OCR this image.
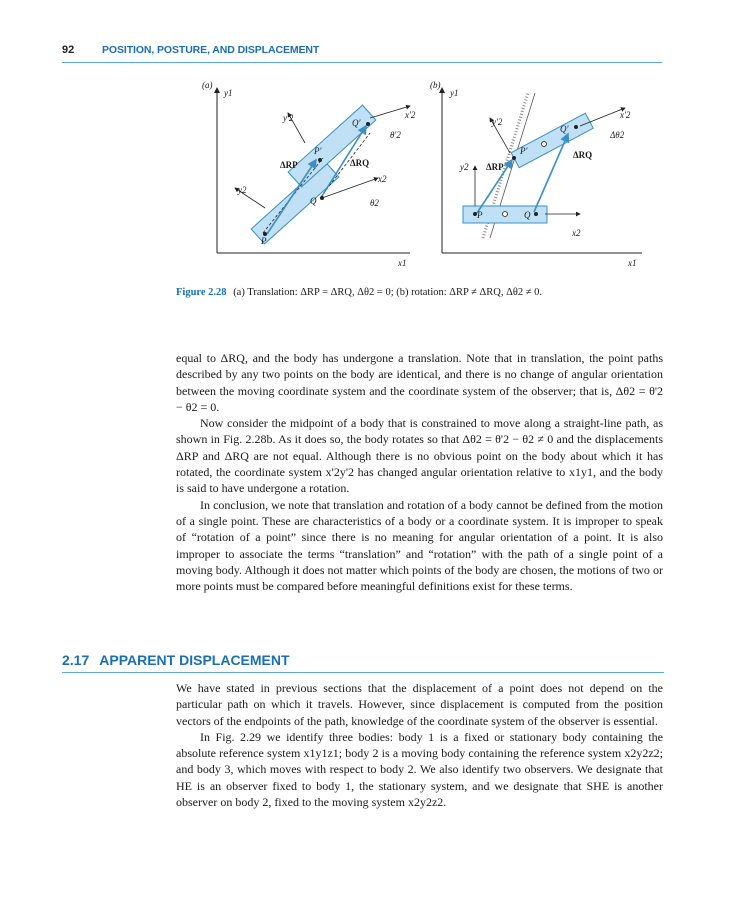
92	POSITION, POSTURE, AND DISPLACEMENT
(a)
y1
x1
P
Q
P'
Q'
ΔRP	ΔRQ
x2
y2
θ2
x'2
y'2
θ'2
(b)
y1
x1
P	Q
P'
Q'
ΔRP
ΔRQ
x2
y2
x'2
y'2
Δθ2
Figure 2.28 (a) Translation: ΔRP = ΔRQ, Δθ2 = 0; (b) rotation: ΔRP ≠ ΔRQ, Δθ2 ≠ 0.

equal to ΔRQ, and the body has undergone a translation. Note that in translation, the point paths described by any two points on the body are identical, and there is no change of angular orientation between the moving coordinate system and the coordinate system of the observer; that is, Δθ2 = θ'2 − θ2 = 0.

Now consider the midpoint of a body that is constrained to move along a straight-line path, as shown in Fig. 2.28b. As it does so, the body rotates so that Δθ2 = θ'2 − θ2 ≠ 0 and the displacements ΔRP and ΔRQ are not equal. Although there is no obvious point on the body about which it has rotated, the coordinate system x'2y'2 has changed angular orientation relative to x1y1, and the body is said to have undergone a rotation.

In conclusion, we note that translation and rotation of a body cannot be defined from the motion of a single point. These are characteristics of a body or a coordinate system. It is improper to speak of “rotation of a point” since there is no meaning for angular orientation of a point. It is also improper to associate the terms “translation” and “rotation” with the path of a single point of a moving body. Although it does not matter which points of the body are chosen, the motions of two or more points must be compared before meaningful definitions exist for these terms.

2.17 APPARENT DISPLACEMENT

We have stated in previous sections that the displacement of a point does not depend on the particular path on which it travels. However, since displacement is computed from the position vectors of the endpoints of the path, knowledge of the coordinate system of the observer is essential.

In Fig. 2.29 we identify three bodies: body 1 is a fixed or stationary body containing the absolute reference system x1y1z1; body 2 is a moving body containing the reference system x2y2z2; and body 3, which moves with respect to body 2. We also identify two observers. We designate that HE is an observer fixed to body 1, the stationary system, and we designate that SHE is another observer on body 2, fixed to the moving system x2y2z2.
